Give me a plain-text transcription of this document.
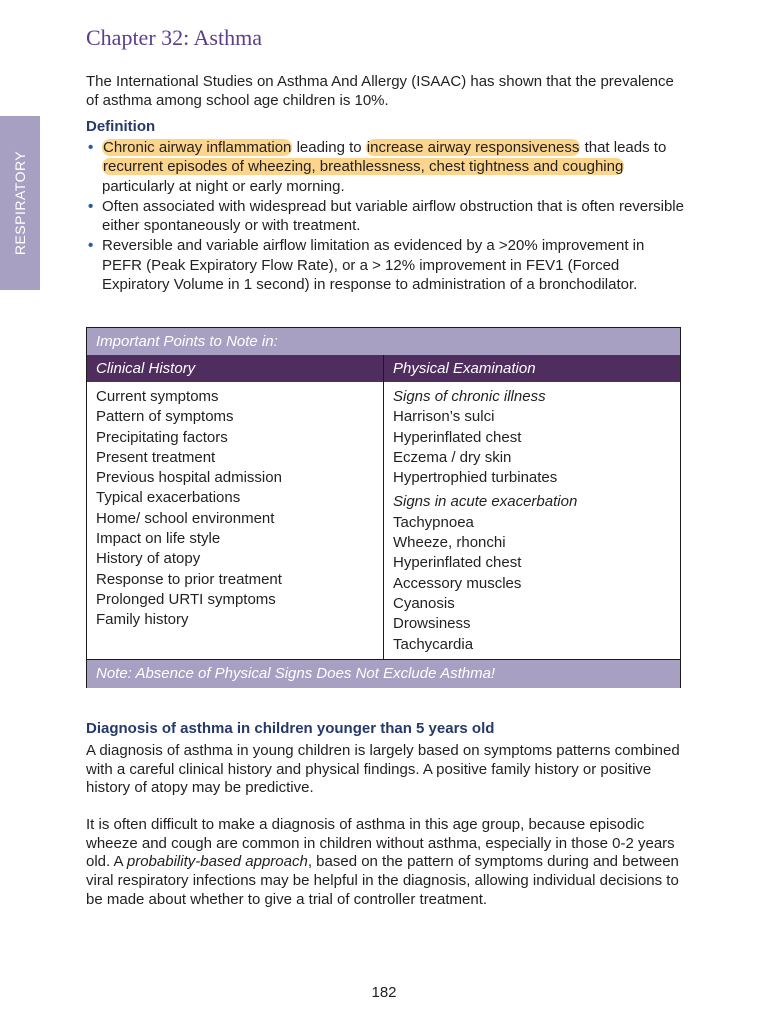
RESPIRATORY
Chapter 32: Asthma

The International Studies on Asthma And Allergy (ISAAC) has shown that the prevalence of asthma among school age children is 10%.

Definition
• Chronic airway inflammation leading to increase airway responsiveness that leads to recurrent episodes of wheezing, breathlessness, chest tightness and coughing particularly at night or early morning.
• Often associated with widespread but variable airflow obstruction that is often reversible either spontaneously or with treatment.
• Reversible and variable airflow limitation as evidenced by a >20% improvement in PEFR (Peak Expiratory Flow Rate), or a > 12% improvement in FEV1 (Forced Expiratory Volume in 1 second) in response to administration of a bronchodilator.
Important Points to Note in:
Clinical History	Physical Examination
Current symptoms
Pattern of symptoms
Precipitating factors
Present treatment
Previous hospital admission
Typical exacerbations
Home/ school environment
Impact on life style
History of atopy
Response to prior treatment
Prolonged URTI symptoms
Family history
Signs of chronic illness
Harrison’s sulci
Hyperinflated chest
Eczema / dry skin
Hypertrophied turbinates
Signs in acute exacerbation
Tachypnoea
Wheeze, rhonchi
Hyperinflated chest
Accessory muscles
Cyanosis
Drowsiness
Tachycardia
Note: Absence of Physical Signs Does Not Exclude Asthma!
Diagnosis of asthma in children younger than 5 years old

A diagnosis of asthma in young children is largely based on symptoms patterns combined with a careful clinical history and physical findings. A positive family history or positive history of atopy may be predictive.

It is often difficult to make a diagnosis of asthma in this age group, because episodic wheeze and cough are common in children without asthma, especially in those 0-2 years old. A probability-based approach, based on the pattern of symptoms during and between viral respiratory infections may be helpful in the diagnosis, allowing individual decisions to be made about whether to give a trial of controller treatment.

182
